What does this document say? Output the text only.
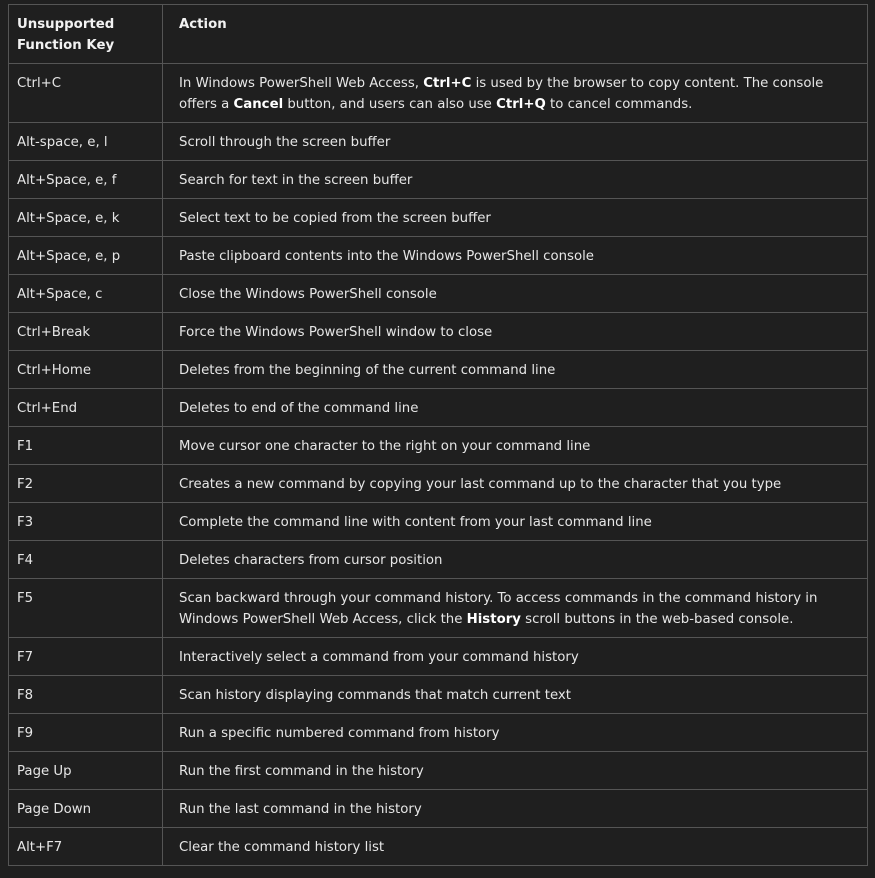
Unsupported Function Key	Action
Ctrl+C	In Windows PowerShell Web Access, Ctrl+C is used by the browser to copy content. The console offers a Cancel button, and users can also use Ctrl+Q to cancel commands.
Alt-space, e, l	Scroll through the screen buffer
Alt+Space, e, f	Search for text in the screen buffer
Alt+Space, e, k	Select text to be copied from the screen buffer
Alt+Space, e, p	Paste clipboard contents into the Windows PowerShell console
Alt+Space, c	Close the Windows PowerShell console
Ctrl+Break	Force the Windows PowerShell window to close
Ctrl+Home	Deletes from the beginning of the current command line
Ctrl+End	Deletes to end of the command line
F1	Move cursor one character to the right on your command line
F2	Creates a new command by copying your last command up to the character that you type
F3	Complete the command line with content from your last command line
F4	Deletes characters from cursor position
F5	Scan backward through your command history. To access commands in the command history in Windows PowerShell Web Access, click the History scroll buttons in the web-based console.
F7	Interactively select a command from your command history
F8	Scan history displaying commands that match current text
F9	Run a specific numbered command from history
Page Up	Run the first command in the history
Page Down	Run the last command in the history
Alt+F7	Clear the command history list
